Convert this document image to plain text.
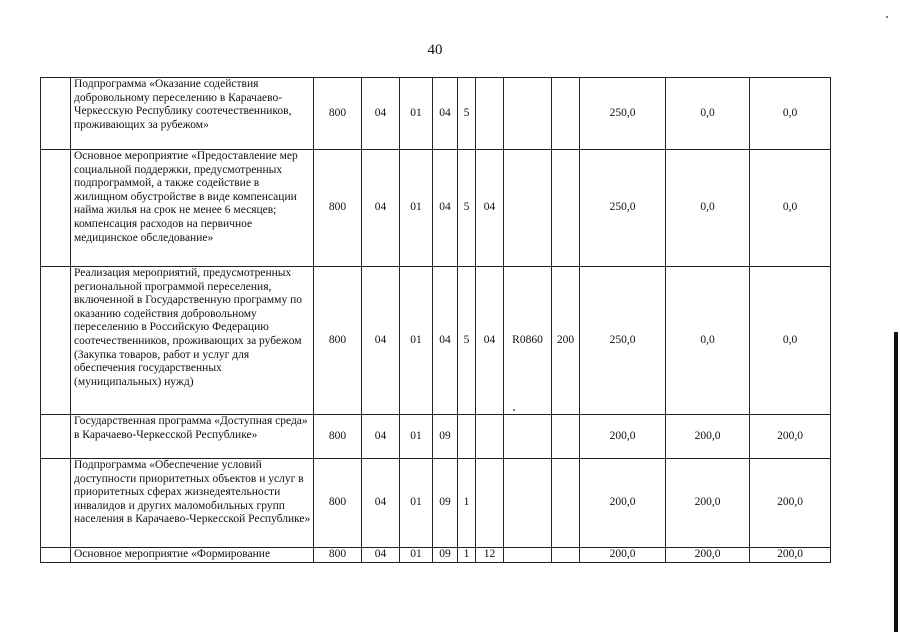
40
	Подпрограмма «Оказание содействия добровольному переселению в Карачаево-Черкесскую Республику соотечественников, проживающих за рубежом»	800	04	01	04	5				250,0	0,0	0,0
	Основное мероприятие «Предоставление мер социальной поддержки, предусмотренных подпрограммой, а также содействие в жилищном обустройстве в виде компенсации найма жилья на срок не менее 6 месяцев; компенсация расходов на первичное медицинское обследование»	800	04	01	04	5	04			250,0	0,0	0,0
	Реализация мероприятий, предусмотренных региональной программой переселения, включенной в Государственную программу по оказанию содействия добровольному переселению в Российскую Федерацию соотечественников, проживающих за рубежом (Закупка товаров, работ и услуг для обеспечения государственных (муниципальных) нужд)	800	04	01	04	5	04	R0860	200	250,0	0,0	0,0
	Государственная программа «Доступная среда» в Карачаево-Черкесской Республике»	800	04	01	09					200,0	200,0	200,0
	Подпрограмма «Обеспечение условий доступности приоритетных объектов и услуг в приоритетных сферах жизнедеятельности инвалидов и других маломобильных групп населения в Карачаево-Черкесской Республике»	800	04	01	09	1				200,0	200,0	200,0
	Основное мероприятие «Формирование	800	04	01	09	1	12			200,0	200,0	200,0
